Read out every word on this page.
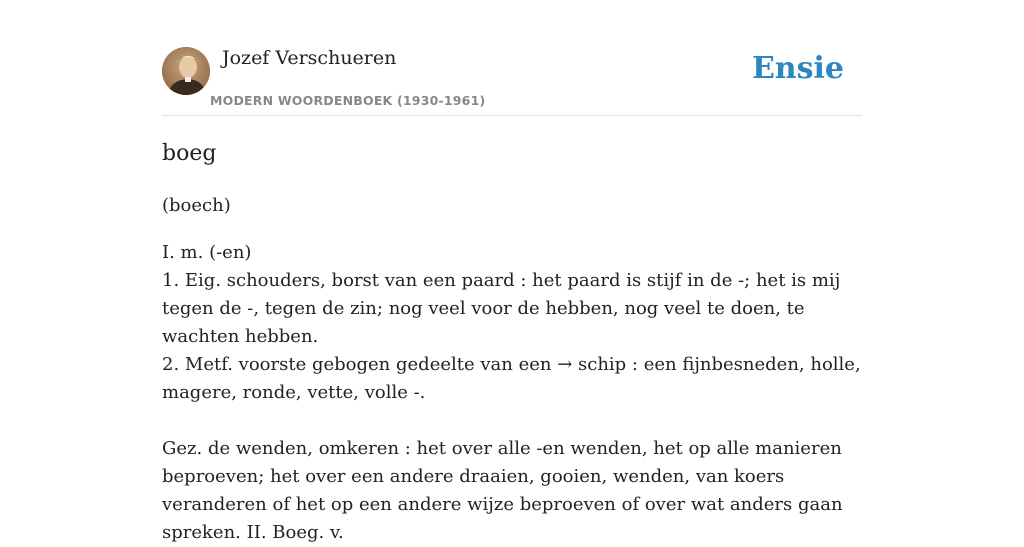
Jozef Verschueren
MODERN WOORDENBOEK (1930-1961)
Ensie
boeg
(boech)

I. m. (-en)

1. Eig. schouders, borst van een paard : het paard is stijf in de -; het is mij tegen de -, tegen de zin; nog veel voor de hebben, nog veel te doen, te wachten hebben.

2. Metf. voorste gebogen gedeelte van een → schip : een fijnbesneden, holle, magere, ronde, vette, volle -.

Gez. de wenden, omkeren : het over alle -en wenden, het op alle manieren beproeven; het over een andere draaien, gooien, wenden, van koers veranderen of het op een andere wijze beproeven of over wat anders gaan spreken. II. Boeg. v.
